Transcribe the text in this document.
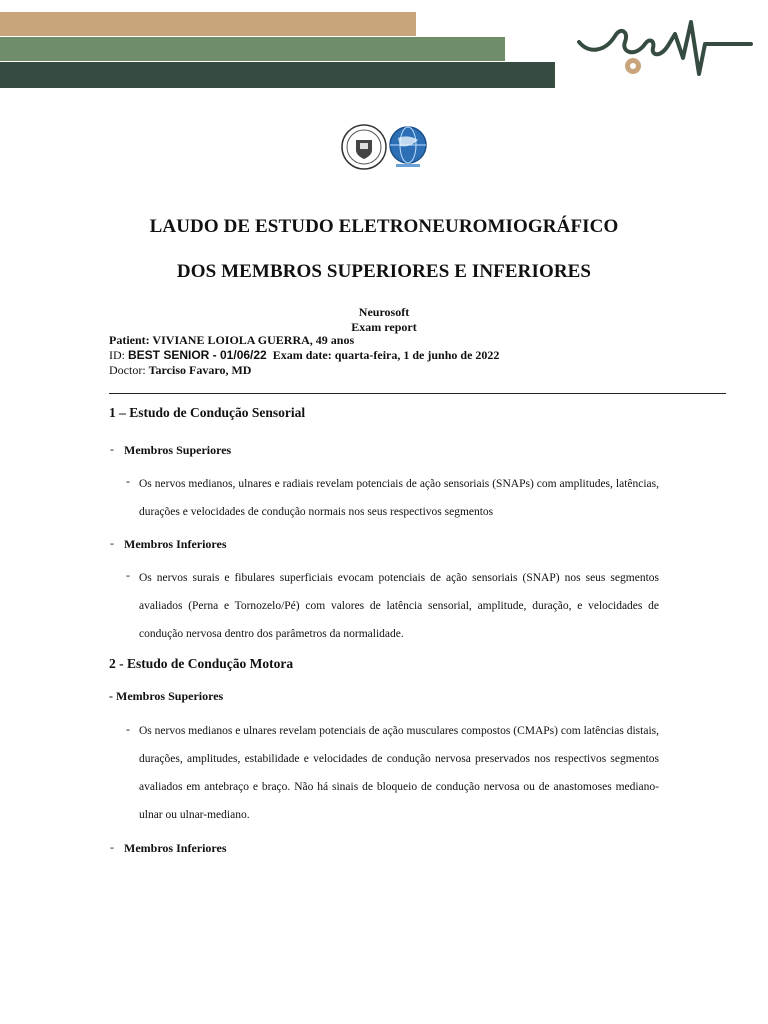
LAUDO DE ESTUDO ELETRONEUROMIOGRÁFICO
DOS MEMBROS SUPERIORES E INFERIORES
Neurosoft
Exam report
Patient: VIVIANE LOIOLA GUERRA, 49 anos
ID: BEST SENIOR - 01/06/22 Exam date: quarta-feira, 1 de junho de 2022
Doctor: Tarciso Favaro, MD
1 – Estudo de Condução Sensorial
- Membros Superiores
- Os nervos medianos, ulnares e radiais revelam potenciais de ação sensoriais (SNAPs) com amplitudes, latências, durações e velocidades de condução normais nos seus respectivos segmentos
- Membros Inferiores
- Os nervos surais e fibulares superficiais evocam potenciais de ação sensoriais (SNAP) nos seus segmentos avaliados (Perna e Tornozelo/Pé) com valores de latência sensorial, amplitude, duração, e velocidades de condução nervosa dentro dos parâmetros da normalidade.
2 - Estudo de Condução Motora
- Membros Superiores
- Os nervos medianos e ulnares revelam potenciais de ação musculares compostos (CMAPs) com latências distais, durações, amplitudes, estabilidade e velocidades de condução nervosa preservados nos respectivos segmentos avaliados em antebraço e braço. Não há sinais de bloqueio de condução nervosa ou de anastomoses mediano-ulnar ou ulnar-mediano.
- Membros Inferiores
